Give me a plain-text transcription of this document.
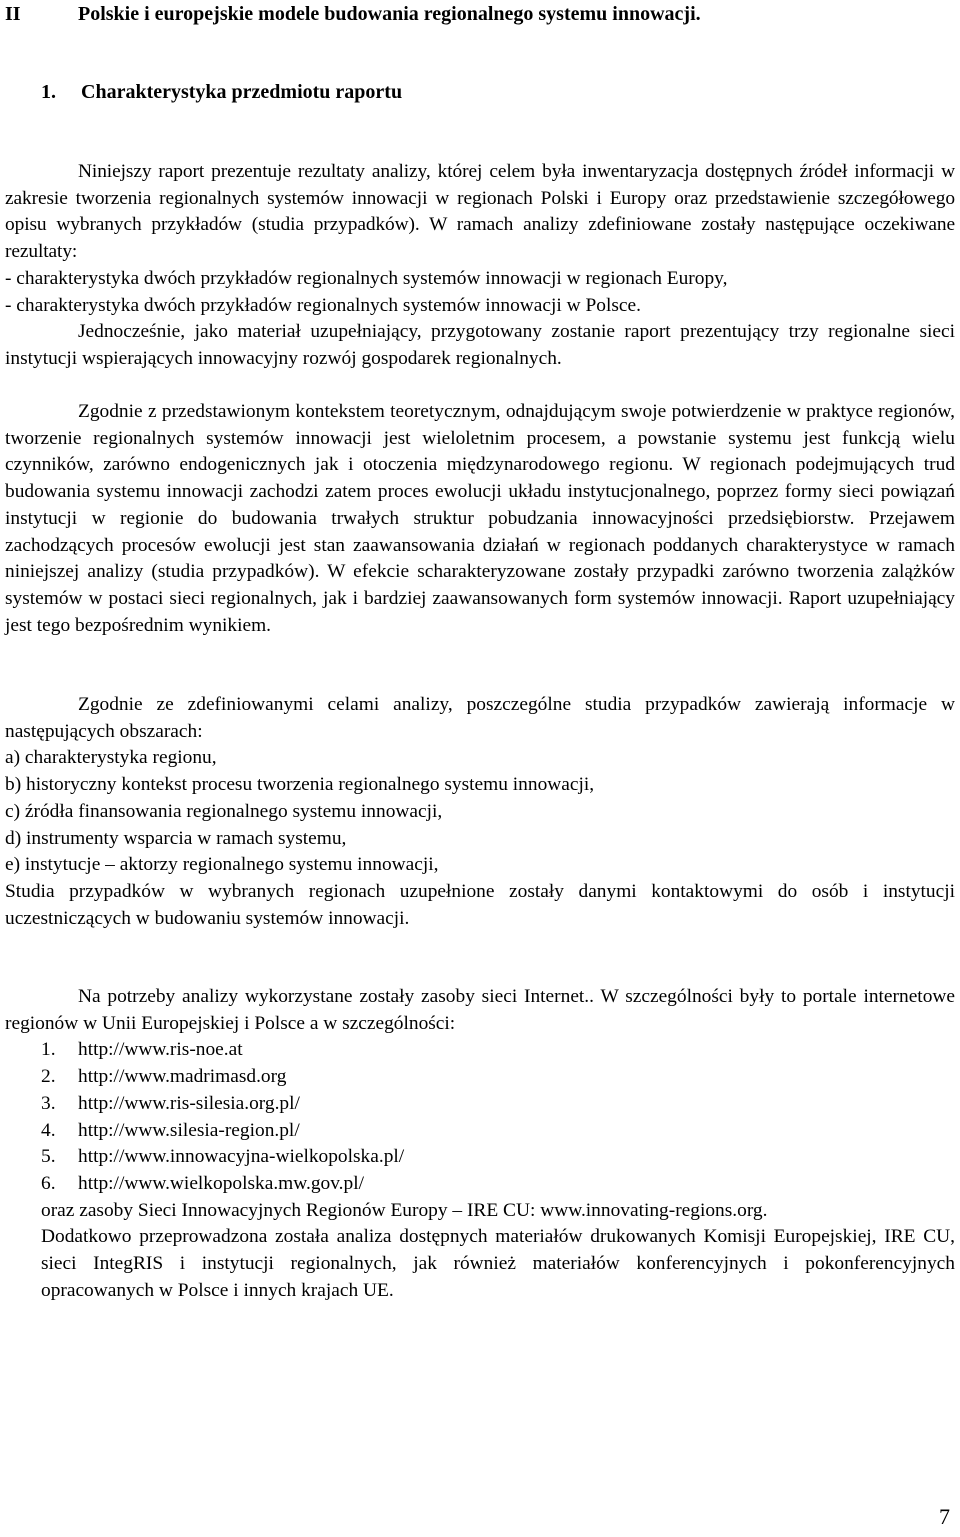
II	Polskie i europejskie modele budowania regionalnego systemu innowacji.
1. Charakterystyka przedmiotu raportu

Niniejszy raport prezentuje rezultaty analizy, której celem była inwentaryzacja dostępnych źródeł informacji w zakresie tworzenia regionalnych systemów innowacji w regionach Polski i Europy oraz przedstawienie szczegółowego opisu wybranych przykładów (studia przypadków). W ramach analizy zdefiniowane zostały następujące oczekiwane rezultaty:

- charakterystyka dwóch przykładów regionalnych systemów innowacji w regionach Europy,

- charakterystyka dwóch przykładów regionalnych systemów innowacji w Polsce.

Jednocześnie, jako materiał uzupełniający, przygotowany zostanie raport prezentujący trzy regionalne sieci instytucji wspierających innowacyjny rozwój gospodarek regionalnych.

Zgodnie z przedstawionym kontekstem teoretycznym, odnajdującym swoje potwierdzenie w praktyce regionów, tworzenie regionalnych systemów innowacji jest wieloletnim procesem, a powstanie systemu jest funkcją wielu czynników, zarówno endogenicznych jak i otoczenia międzynarodowego regionu. W regionach podejmujących trud budowania systemu innowacji zachodzi zatem proces ewolucji układu instytucjonalnego, poprzez formy sieci powiązań instytucji w regionie do budowania trwałych struktur pobudzania innowacyjności przedsiębiorstw. Przejawem zachodzących procesów ewolucji jest stan zaawansowania działań w regionach poddanych charakterystyce w ramach niniejszej analizy (studia przypadków). W efekcie scharakteryzowane zostały przypadki zarówno tworzenia zalążków systemów w postaci sieci regionalnych, jak i bardziej zaawansowanych form systemów innowacji. Raport uzupełniający jest tego bezpośrednim wynikiem.

Zgodnie ze zdefiniowanymi celami analizy, poszczególne studia przypadków zawierają informacje w następujących obszarach:

a) charakterystyka regionu,

b) historyczny kontekst procesu tworzenia regionalnego systemu innowacji,

c) źródła finansowania regionalnego systemu innowacji,

d) instrumenty wsparcia w ramach systemu,

e) instytucje – aktorzy regionalnego systemu innowacji,

Studia przypadków w wybranych regionach uzupełnione zostały danymi kontaktowymi do osób i instytucji uczestniczących w budowaniu systemów innowacji.

Na potrzeby analizy wykorzystane zostały zasoby sieci Internet.. W szczególności były to portale internetowe regionów w Unii Europejskiej i Polsce a w szczególności:

1. http://www.ris-noe.at
2. http://www.madrimasd.org
3. http://www.ris-silesia.org.pl/
4. http://www.silesia-region.pl/
5. http://www.innowacyjna-wielkopolska.pl/
6. http://www.wielkopolska.mw.gov.pl/

oraz zasoby Sieci Innowacyjnych Regionów Europy – IRE CU: www.innovating-regions.org.
Dodatkowo przeprowadzona została analiza dostępnych materiałów drukowanych Komisji Europejskiej, IRE CU, sieci IntegRIS i instytucji regionalnych, jak również materiałów konferencyjnych i pokonferencyjnych opracowanych w Polsce i innych krajach UE.

7
